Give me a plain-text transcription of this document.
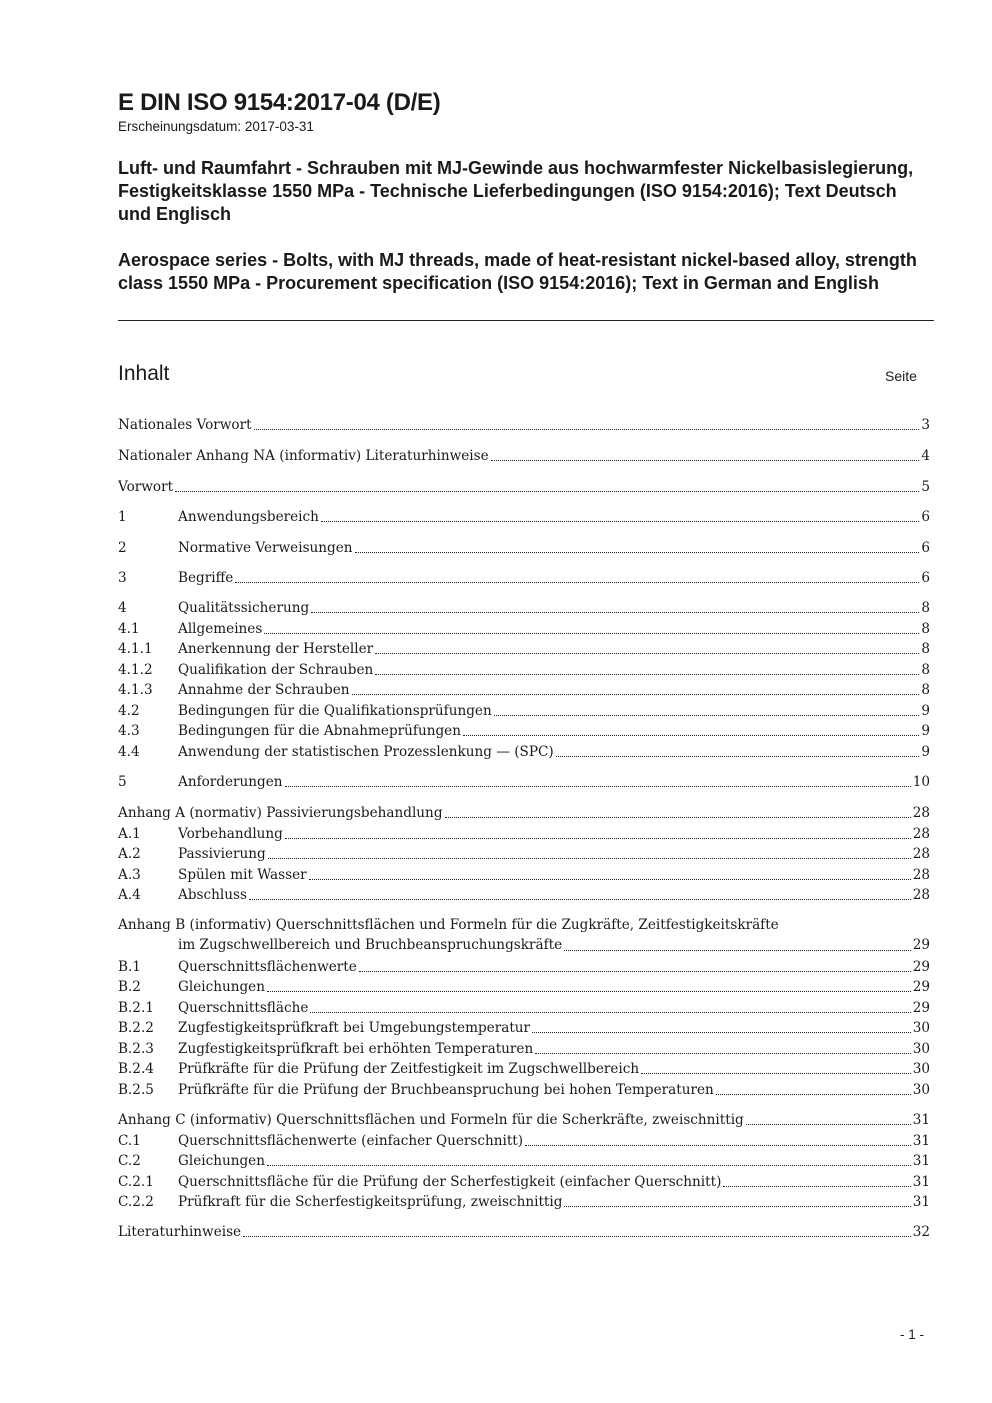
E DIN ISO 9154:2017-04 (D/E)

Erscheinungsdatum: 2017-03-31

Luft- und Raumfahrt - Schrauben mit MJ-Gewinde aus hochwarmfester Nickelbasislegierung, Festigkeitsklasse 1550 MPa - Technische Lieferbedingungen (ISO 9154:2016); Text Deutsch und Englisch

Aerospace series - Bolts, with MJ threads, made of heat-resistant nickel-based alloy, strength class 1550 MPa - Procurement specification (ISO 9154:2016); Text in German and English

Inhalt	Seite
Nationales Vorwort	3
Nationaler Anhang NA (informativ) Literaturhinweise	4
Vorwort	5
1	Anwendungsbereich	6
2	Normative Verweisungen	6
3	Begriffe	6
4	Qualitätssicherung	8
4.1	Allgemeines	8
4.1.1	Anerkennung der Hersteller	8
4.1.2	Qualifikation der Schrauben	8
4.1.3	Annahme der Schrauben	8
4.2	Bedingungen für die Qualifikationsprüfungen	9
4.3	Bedingungen für die Abnahmeprüfungen	9
4.4	Anwendung der statistischen Prozesslenkung — (SPC)	9
5	Anforderungen	10
Anhang A (normativ) Passivierungsbehandlung	28
A.1	Vorbehandlung	28
A.2	Passivierung	28
A.3	Spülen mit Wasser	28
A.4	Abschluss	28
Anhang B (informativ) Querschnittsflächen und Formeln für die Zugkräfte, Zeitfestigkeitskräfte
im Zugschwellbereich und Bruchbeanspruchungskräfte	29
B.1	Querschnittsflächenwerte	29
B.2	Gleichungen	29
B.2.1	Querschnittsfläche	29
B.2.2	Zugfestigkeitsprüfkraft bei Umgebungstemperatur	30
B.2.3	Zugfestigkeitsprüfkraft bei erhöhten Temperaturen	30
B.2.4	Prüfkräfte für die Prüfung der Zeitfestigkeit im Zugschwellbereich	30
B.2.5	Prüfkräfte für die Prüfung der Bruchbeanspruchung bei hohen Temperaturen	30
Anhang C (informativ) Querschnittsflächen und Formeln für die Scherkräfte, zweischnittig	31
C.1	Querschnittsflächenwerte (einfacher Querschnitt)	31
C.2	Gleichungen	31
C.2.1	Querschnittsfläche für die Prüfung der Scherfestigkeit (einfacher Querschnitt)	31
C.2.2	Prüfkraft für die Scherfestigkeitsprüfung, zweischnittig	31
Literaturhinweise	32
- 1 -
